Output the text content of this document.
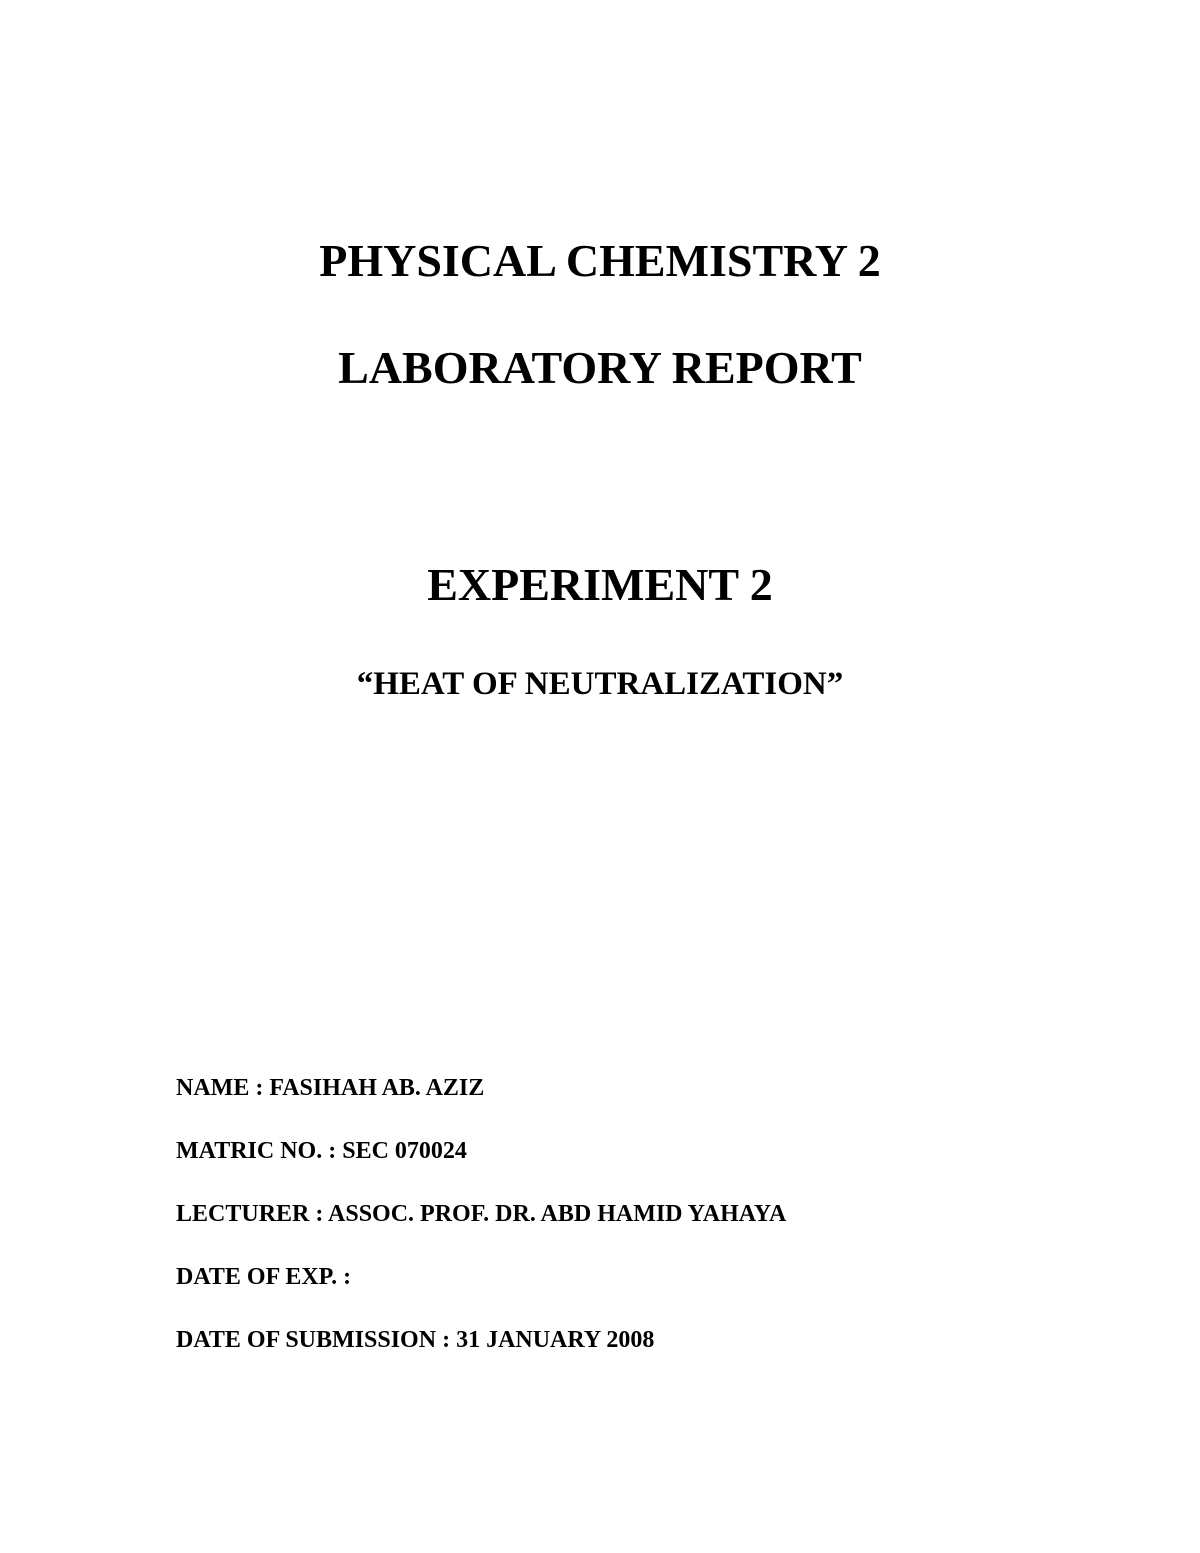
PHYSICAL CHEMISTRY 2
LABORATORY REPORT
EXPERIMENT 2
“HEAT OF NEUTRALIZATION”
NAME : FASIHAH AB. AZIZ
MATRIC NO. : SEC 070024
LECTURER : ASSOC. PROF. DR. ABD HAMID YAHAYA
DATE OF EXP. :
DATE OF SUBMISSION : 31 JANUARY 2008
